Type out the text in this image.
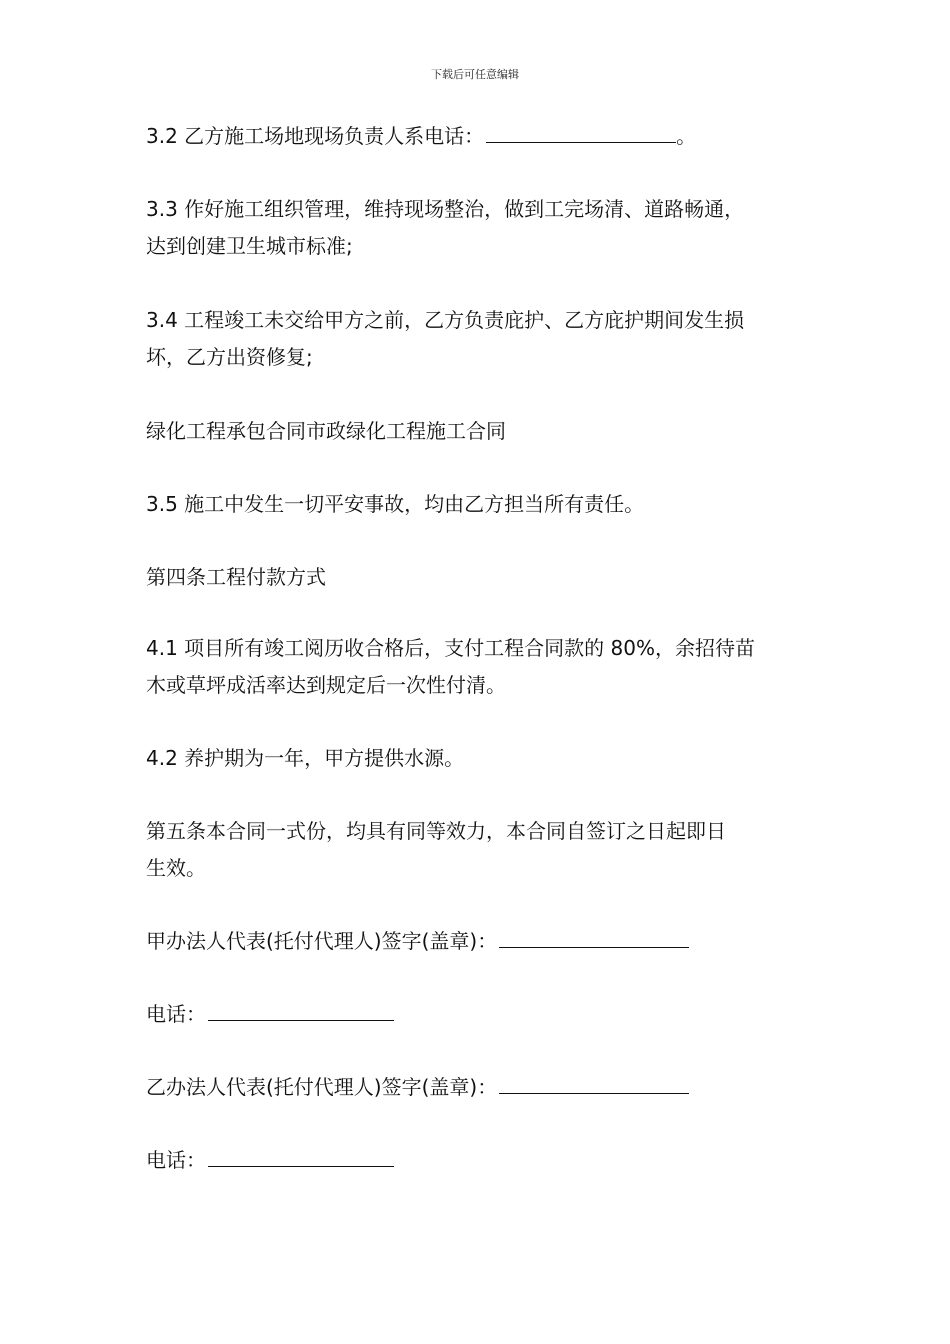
下载后可任意编辑

3.2 乙方施工场地现场负责人系电话：	。

3.3 作好施工组织管理，维持现场整治，做到工完场清、道路畅通，
达到创建卫生城市标准;

3.4 工程竣工未交给甲方之前，乙方负责庇护、乙方庇护期间发生损
坏，乙方出资修复;

绿化工程承包合同市政绿化工程施工合同

3.5 施工中发生一切平安事故，均由乙方担当所有责任。

第四条工程付款方式

4.1 项目所有竣工阅历收合格后，支付工程合同款的 80%，余招待苗
木或草坪成活率达到规定后一次性付清。

4.2 养护期为一年，甲方提供水源。

第五条本合同一式份，均具有同等效力，本合同自签订之日起即日
生效。

甲办法人代表(托付代理人)签字(盖章)：

电话：

乙办法人代表(托付代理人)签字(盖章)：

电话：
